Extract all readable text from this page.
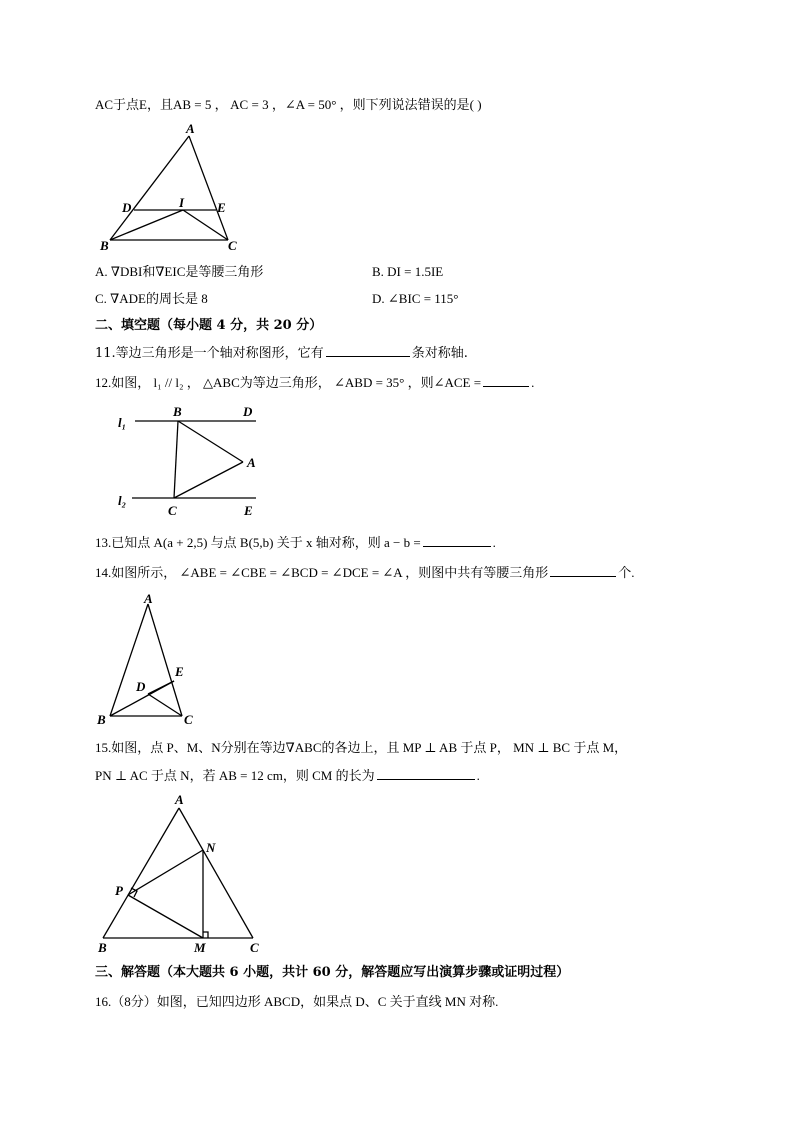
AC于点E，且AB = 5 ， AC = 3 ，∠A = 50° ，则下列说法错误的是( )
A
D	I	E
B	C
A. ∇DBI和∇EIC是等腰三角形	B. DI = 1.5IE
C. ∇ADE的周长是 8	D. ∠BIC = 115°
二、填空题（每小题 4 分，共 20 分）
11.等边三角形是一个轴对称图形，它有	条对称轴.
12.如图， l₁ // l₂ ， △ABC为等边三角形， ∠ABD = 35° ，则∠ACE =	.
l₁
B	D
A
l₂
C	E
13.已知点 A(a + 2,5) 与点 B(5,b) 关于 x 轴对称，则 a − b =	.
14.如图所示， ∠ABE = ∠CBE = ∠BCD = ∠DCE = ∠A ，则图中共有等腰三角形	个.
A
E
D
B	C
15.如图，点 P、M、N分别在等边∇ABC的各边上，且 MP ⊥ AB 于点 P， MN ⊥ BC 于点 M，
PN ⊥ AC 于点 N，若 AB = 12 cm，则 CM 的长为	.
A
N
P
B	M	C
三、解答题（本大题共 6 小题，共计 60 分，解答题应写出演算步骤或证明过程）
16.（8分）如图，已知四边形 ABCD，如果点 D、C 关于直线 MN 对称.
